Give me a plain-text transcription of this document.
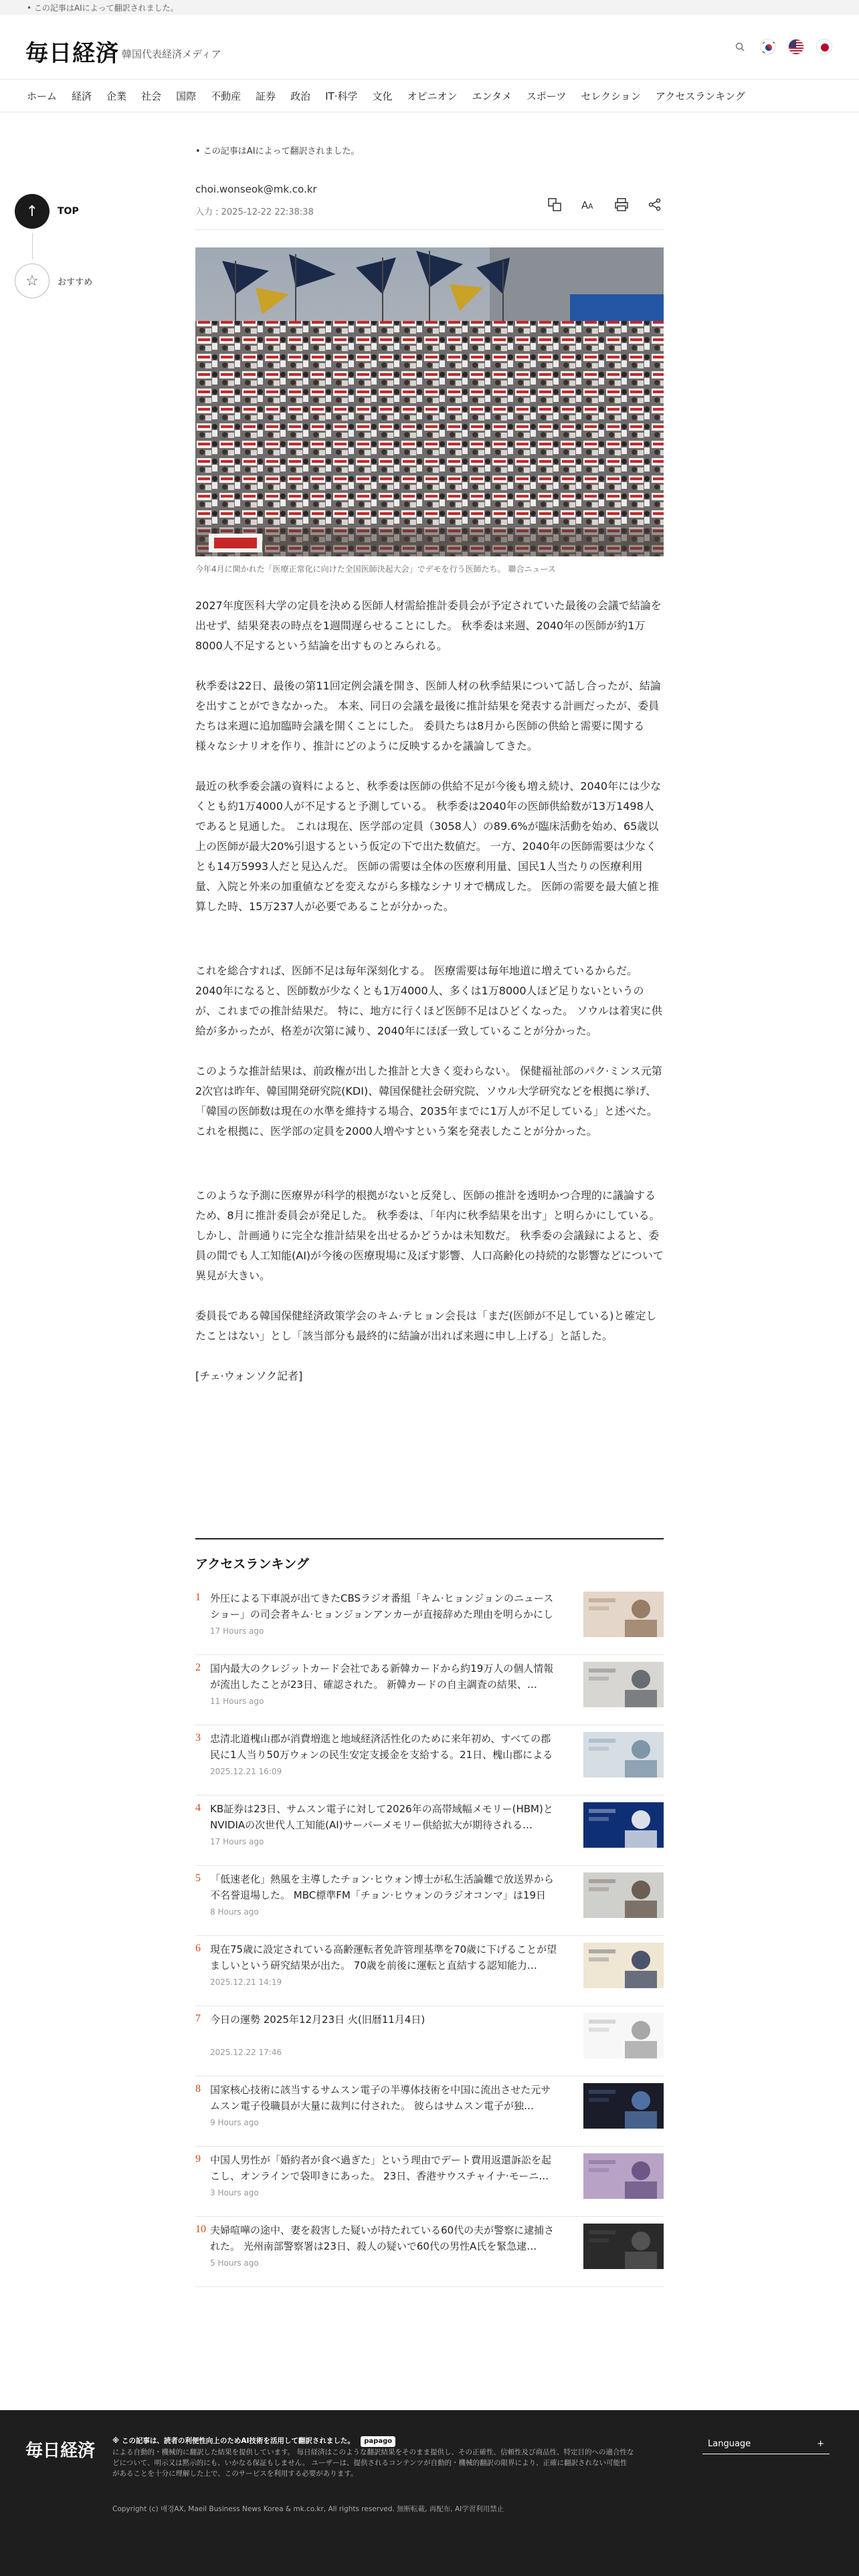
• この記事はAIによって翻訳されました。
毎日経済 韓国代表経済メディア
ホーム 経済 企業 社会 国際 不動産 証券 政治 IT·科学 文化 オピニオン エンタメ スポーツ セレクション アクセスランキング
↑	TOP
☆	おすすめ
• この記事はAIによって翻訳されました。
choi.wonseok@mk.co.kr
入力 : 2025-12-22 22:38:38
A A
今年4月に開かれた「医療正常化に向けた全国医師決起大会」でデモを行う医師たち。 聯合ニュース

2027年度医科大学の定員を決める医師人材需給推計委員会が予定されていた最後の会議で結論を出せず、結果発表の時点を1週間遅らせることにした。 秋季委は来週、2040年の医師が約1万8000人不足するという結論を出すものとみられる。

秋季委は22日、最後の第11回定例会議を開き、医師人材の秋季結果について話し合ったが、結論を出すことができなかった。 本来、同日の会議を最後に推計結果を発表する計画だったが、委員たちは来週に追加臨時会議を開くことにした。 委員たちは8月から医師の供給と需要に関する様々なシナリオを作り、推計にどのように反映するかを議論してきた。

最近の秋季委会議の資料によると、秋季委は医師の供給不足が今後も増え続け、2040年には少なくとも約1万4000人が不足すると予測している。 秋季委は2040年の医師供給数が13万1498人であると見通した。 これは現在、医学部の定員（3058人）の89.6%が臨床活動を始め、65歳以上の医師が最大20%引退するという仮定の下で出た数値だ。 一方、2040年の医師需要は少なくとも14万5993人だと見込んだ。 医師の需要は全体の医療利用量、国民1人当たりの医療利用量、入院と外来の加重値などを変えながら多様なシナリオで構成した。 医師の需要を最大値と推算した時、15万237人が必要であることが分かった。

これを総合すれば、医師不足は毎年深刻化する。 医療需要は毎年地道に増えているからだ。 2040年になると、医師数が少なくとも1万4000人、多くは1万8000人ほど足りないというのが、これまでの推計結果だ。 特に、地方に行くほど医師不足はひどくなった。 ソウルは着実に供給が多かったが、格差が次第に減り、2040年にほぼ一致していることが分かった。

このような推計結果は、前政権が出した推計と大きく変わらない。 保健福祉部のパク·ミンス元第2次官は昨年、韓国開発研究院(KDI)、韓国保健社会研究院、ソウル大学研究などを根拠に挙げ、「韓国の医師数は現在の水準を維持する場合、2035年までに1万人が不足している」と述べた。 これを根拠に、医学部の定員を2000人増やすという案を発表したことが分かった。

このような予測に医療界が科学的根拠がないと反発し、医師の推計を透明かつ合理的に議論するため、8月に推計委員会が発足した。 秋季委は、「年内に秋季結果を出す」と明らかにしている。 しかし、計画通りに完全な推計結果を出せるかどうかは未知数だ。 秋季委の会議録によると、委員の間でも人工知能(AI)が今後の医療現場に及ぼす影響、人口高齢化の持続的な影響などについて異見が大きい。

委員長である韓国保健経済政策学会のキム·テヒョン会長は「まだ(医師が不足している)と確定したことはない」とし「該当部分も最終的に結論が出れば来週に申し上げる」と話した。

[チェ·ウォンソク記者]
アクセスランキング
1 外圧による下車説が出てきたCBSラジオ番組「キム·ヒョンジョンのニュースショー」の司会者キム·ヒョンジョンアンカーが直接辞めた理由を明らかにし
17 Hours ago
2 国内最大のクレジットカード会社である新韓カードから約19万人の個人情報が流出したことが23日、確認された。 新韓カードの自主調査の結果、…
11 Hours ago
3 忠清北道槐山郡が消費増進と地域経済活性化のために来年初め、すべての郡民に1人当り50万ウォンの民生安定支援金を支給する。21日、槐山郡による
2025.12.21 16:09
4 KB証券は23日、サムスン電子に対して2026年の高帯域幅メモリー(HBM)とNVIDIAの次世代人工知能(AI)サーバーメモリー供給拡大が期待される…
17 Hours ago
5 「低速老化」熱風を主導したチョン·ヒウォン博士が私生活論難で放送界から不名誉退場した。 MBC標準FM「チョン·ヒウォンのラジオコンマ」は19日
8 Hours ago
6 現在75歳に設定されている高齢運転者免許管理基準を70歳に下げることが望ましいという研究結果が出た。 70歳を前後に運転と直結する認知能力…
2025.12.21 14:19
7 今日の運勢 2025年12月23日 火(旧暦11月4日)
2025.12.22 17:46
8 国家核心技術に該当するサムスン電子の半導体技術を中国に流出させた元サムスン電子役職員が大量に裁判に付された。 彼らはサムスン電子が独…
9 Hours ago
9 中国人男性が「婚約者が食べ過ぎた」という理由でデート費用返還訴訟を起こし、オンラインで袋叩きにあった。 23日、香港サウスチャイナ·モーニ…
3 Hours ago
10 夫婦喧嘩の途中、妻を殺害した疑いが持たれている60代の夫が警察に逮捕された。 光州南部警察署は23日、殺人の疑いで60代の男性A氏を緊急逮…
5 Hours ago
毎日経済 ※ この記事は、読者の利便性向上のためAI技術を活用して翻訳されました。 papago
による自動的・機械的に翻訳した結果を提供しています。 毎日経済はこのような翻訳結果をそのまま提供し、その正確性、信頼性及び商品性、特定目的への適合性などについて、明示又は黙示的にも、いかなる保証もしません。 ユーザーは、提供されるコンテンツが自動的・機械的翻訳の限界により、正確に翻訳されない可能性があることを十分に理解した上で、このサービスを利用する必要があります。
Copyright (c) 매경AX, Maeil Business News Korea & mk.co.kr, All rights reserved. 無断転載, 再配布, AI学習利用禁止
Language	+
